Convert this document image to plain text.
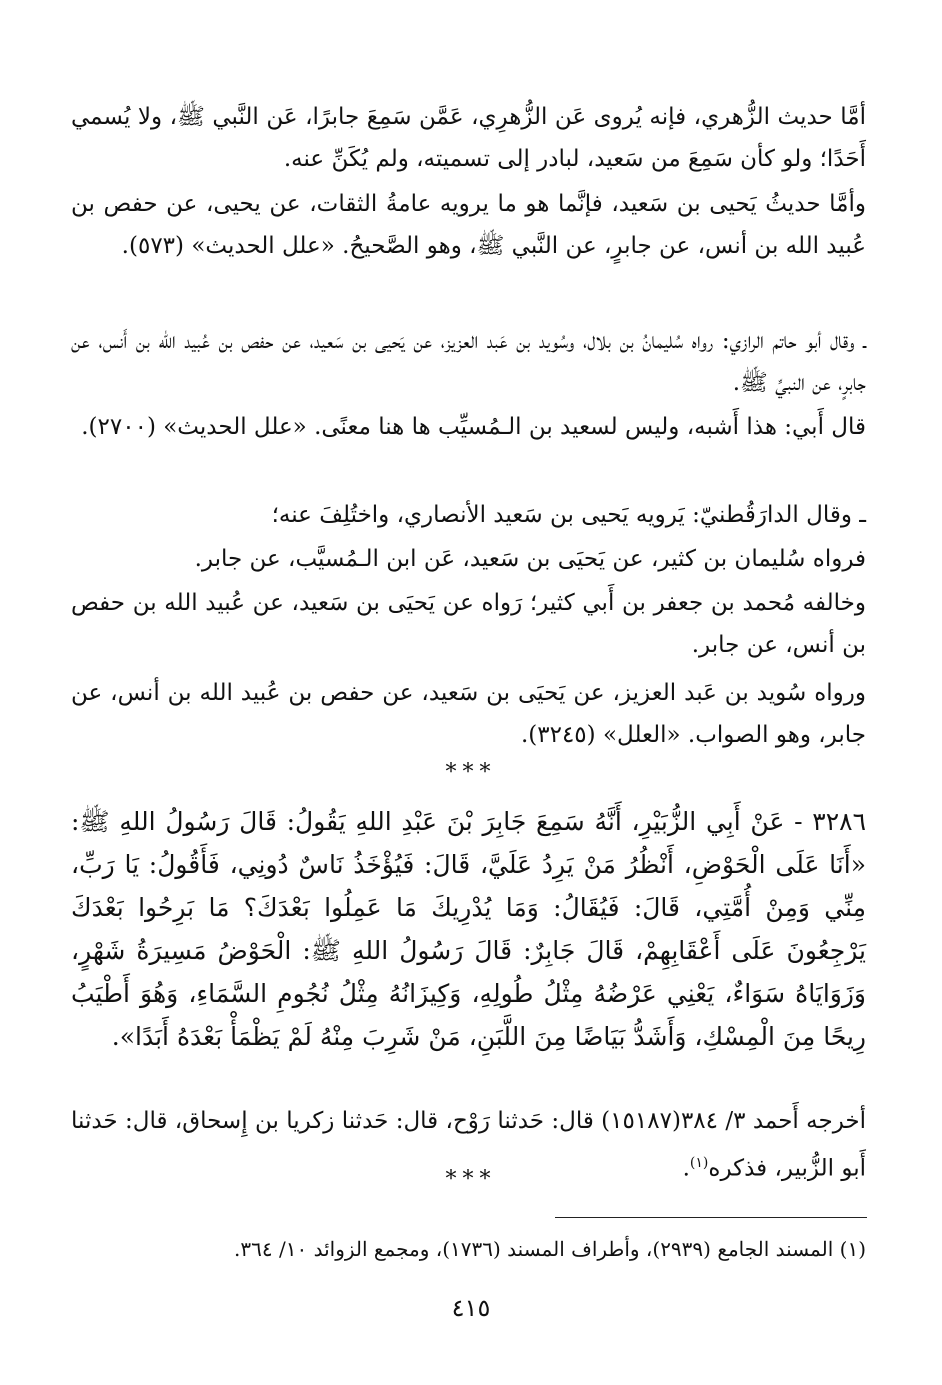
أمَّا حديث الزُّهري، فإنه يُروى عَن الزُّهرِي، عَمَّن سَمِعَ جابرًا، عَن النَّبي ﷺ، ولا يُسمي أَحَدًا؛ ولو كأن سَمِعَ من سَعيد، لبادر إلى تسميته، ولم يُكَنِّ عنه.
وأمَّا حديثُ يَحيى بن سَعيد، فإنَّما هو ما يرويه عامةُ الثقات، عن يحيى، عن حفص بن عُبيد الله بن أنس، عن جابرٍ، عن النَّبي ﷺ، وهو الصَّحيحُ. «علل الحديث» (٥٧٣).
ـ وقال أبو حاتم الرازي: رواه سُليمانُ بن بلال، وسُويد بن عَبد العزيز، عن يَحيى بن سَعيد، عن حفص بن عُبيد الله بن أَنس، عن جابرٍ، عن النبيِّ ﷺ.
قال أَبي: هذا أَشبه، وليس لسعيد بن الـمُسيِّب ها هنا معنًى. «علل الحديث» (٢٧٠٠).
ـ وقال الدارَقُطنيّ: يَرويه يَحيى بن سَعيد الأنصاري، واختُلِفَ عنه؛
فرواه سُليمان بن كثير، عن يَحيَى بن سَعيد، عَن ابن الـمُسيَّب، عن جابر.
وخالفه مُحمد بن جعفر بن أَبي كثير؛ رَواه عن يَحيَى بن سَعيد، عن عُبيد الله بن حفص بن أنس، عن جابر.
ورواه سُويد بن عَبد العزيز، عن يَحيَى بن سَعيد، عن حفص بن عُبيد الله بن أنس، عن جابر، وهو الصواب. «العلل» (٣٢٤٥).
***
٣٢٨٦ - عَنْ أَبِي الزُّبَيْرِ، أَنَّهُ سَمِعَ جَابِرَ بْنَ عَبْدِ اللهِ يَقُولُ: قَالَ رَسُولُ اللهِ ﷺ: «أَنَا عَلَى الْحَوْضِ، أَنْظُرُ مَنْ يَرِدُ عَلَيَّ، قَالَ: فَيُؤْخَذُ نَاسٌ دُونِي، فَأَقُولُ: يَا رَبِّ، مِنِّي وَمِنْ أُمَّتِي، قَالَ: فَيُقَالُ: وَمَا يُدْرِيكَ مَا عَمِلُوا بَعْدَكَ؟ مَا بَرِحُوا بَعْدَكَ يَرْجِعُونَ عَلَى أَعْقَابِهِمْ، قَالَ جَابِرٌ: قَالَ رَسُولُ اللهِ ﷺ: الْحَوْضُ مَسِيرَةُ شَهْرٍ، وَزَوَايَاهُ سَوَاءٌ، يَعْنِي عَرْضُهُ مِثْلُ طُولِهِ، وَكِيزَانُهُ مِثْلُ نُجُومِ السَّمَاءِ، وَهُوَ أَطْيَبُ رِيحًا مِنَ الْمِسْكِ، وَأَشَدُّ بَيَاضًا مِنَ اللَّبَنِ، مَنْ شَرِبَ مِنْهُ لَمْ يَظْمَأْ بَعْدَهُ أَبَدًا».
أخرجه أَحمد ٣/ ٣٨٤(١٥١٨٧) قال: حَدثنا رَوْح، قال: حَدثنا زكريا بن إِسحاق، قال: حَدثنا أَبو الزُّبير، فذكره$^{(١)}$.
***
(١) المسند الجامع (٢٩٣٩)، وأطراف المسند (١٧٣٦)، ومجمع الزوائد ١٠/ ٣٦٤.
٤١٥
